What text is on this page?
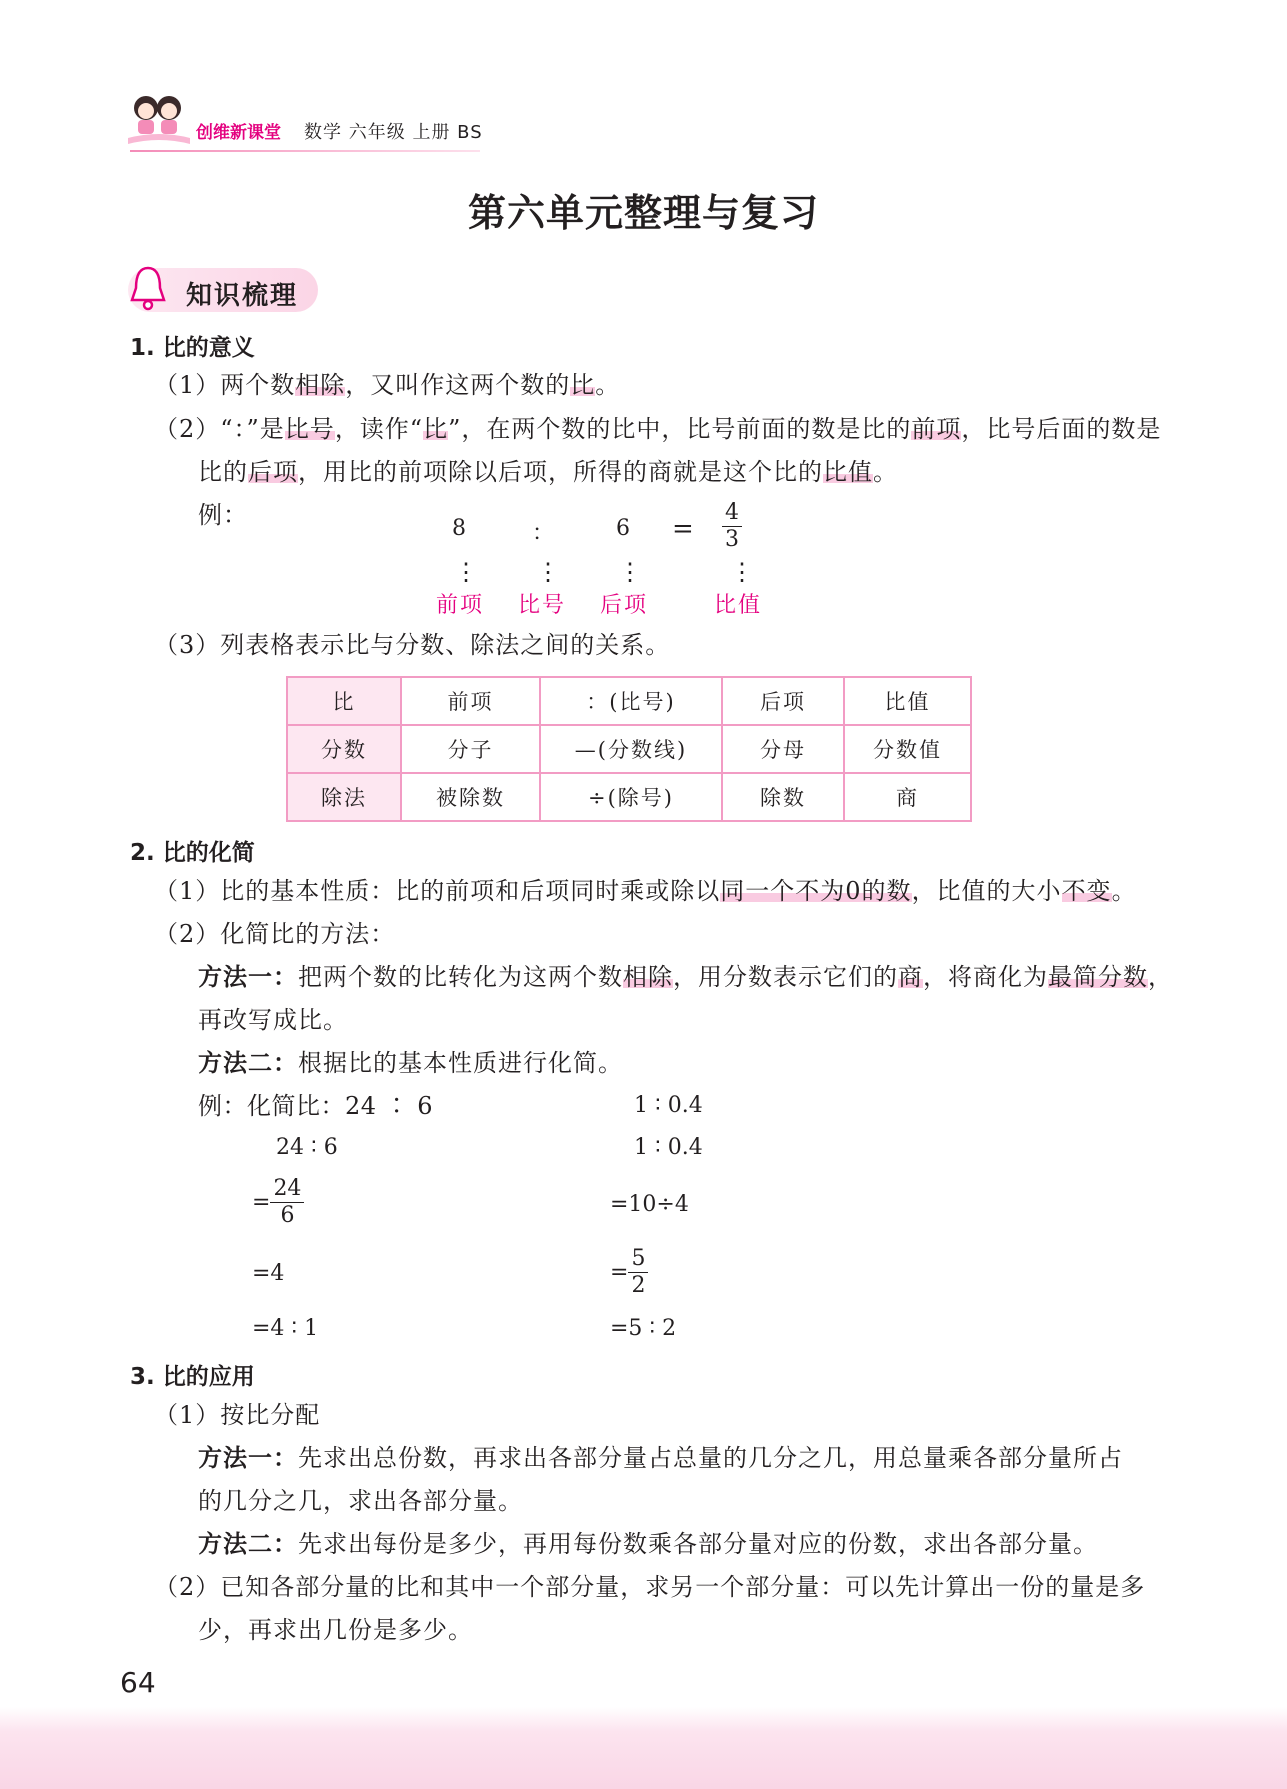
创维新课堂 数学 六年级 上册 BS
第六单元整理与复习
知识梳理
1. 比的意义
（1）两个数相除，又叫作这两个数的比。
（2）“：”是比号，读作“比”，在两个数的比中，比号前面的数是比的前项，比号后面的数是
比的后项，用比的前项除以后项，所得的商就是这个比的比值。
例：	8	：	$6 = \frac{4}{3}$
⋮ ⋮ ⋮	⋮
前项 比号 后项	比值
（3）列表格表示比与分数、除法之间的关系。
比	前项	：(比号)	后项	比值
分数	分子	—(分数线)	分母	分数值
除法	被除数	÷(除号)	除数	商
2. 比的化简
（1）比的基本性质：比的前项和后项同时乘或除以同一个不为0的数，比值的大小不变。
（2）化简比的方法：
方法一：把两个数的比转化为这两个数相除，用分数表示它们的商，将商化为最简分数，
再改写成比。
方法二：根据比的基本性质进行化简。
例：化简比：24 ∶ 6
24 ∶ 6
= $\frac{24}{6}$
=4
=4 ∶ 1
1 ∶ 0.4
1 ∶ 0.4
=10÷4
= $\frac{5}{2}$
=5 ∶ 2
3. 比的应用
（1）按比分配
方法一：先求出总份数，再求出各部分量占总量的几分之几，用总量乘各部分量所占
的几分之几，求出各部分量。
方法二：先求出每份是多少，再用每份数乘各部分量对应的份数，求出各部分量。
（2）已知各部分量的比和其中一个部分量，求另一个部分量：可以先计算出一份的量是多
少，再求出几份是多少。
64
